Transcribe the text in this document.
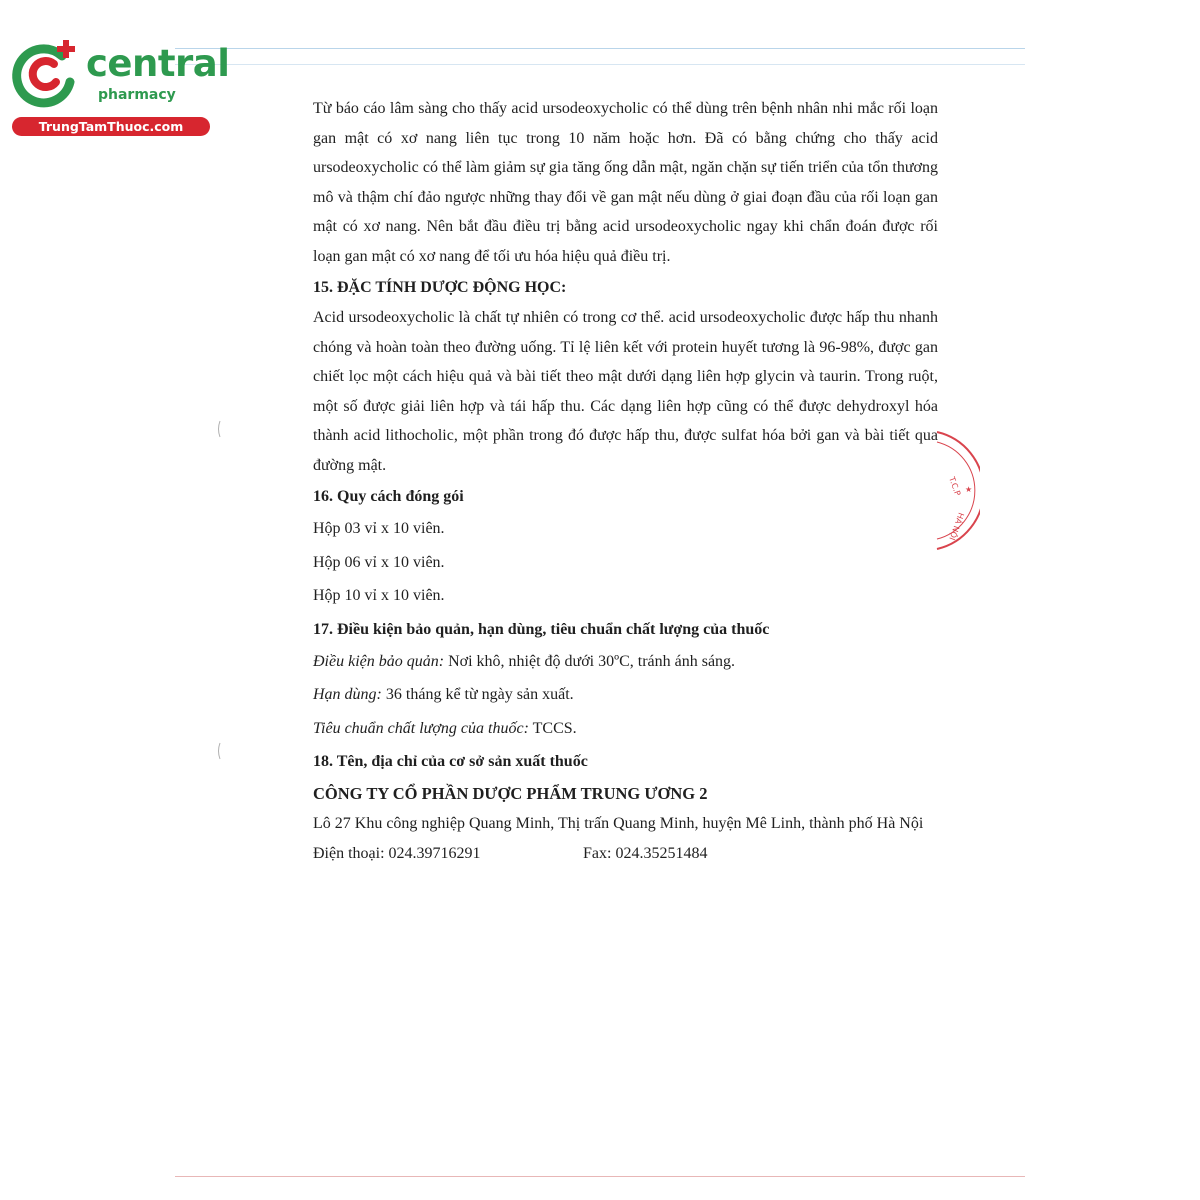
central
pharmacy
TrungTamThuoc.com

Từ báo cáo lâm sàng cho thấy acid ursodeoxycholic có thể dùng trên bệnh nhân nhi mắc rối loạn gan mật có xơ nang liên tục trong 10 năm hoặc hơn. Đã có bằng chứng cho thấy acid ursodeoxycholic có thể làm giảm sự gia tăng ống dẫn mật, ngăn chặn sự tiến triển của tổn thương mô và thậm chí đảo ngược những thay đổi về gan mật nếu dùng ở giai đoạn đầu của rối loạn gan mật có xơ nang. Nên bắt đầu điều trị bằng acid ursodeoxycholic ngay khi chẩn đoán được rối loạn gan mật có xơ nang để tối ưu hóa hiệu quả điều trị.

15. ĐẶC TÍNH DƯỢC ĐỘNG HỌC:

Acid ursodeoxycholic là chất tự nhiên có trong cơ thể. acid ursodeoxycholic được hấp thu nhanh chóng và hoàn toàn theo đường uống. Tỉ lệ liên kết với protein huyết tương là 96-98%, được gan chiết lọc một cách hiệu quả và bài tiết theo mật dưới dạng liên hợp glycin và taurin. Trong ruột, một số được giải liên hợp và tái hấp thu. Các dạng liên hợp cũng có thể được dehydroxyl hóa thành acid lithocholic, một phần trong đó được hấp thu, được sulfat hóa bởi gan và bài tiết qua đường mật.

16. Quy cách đóng gói

Hộp 03 vỉ x 10 viên.

Hộp 06 vỉ x 10 viên.

Hộp 10 vỉ x 10 viên.

17. Điều kiện bảo quản, hạn dùng, tiêu chuẩn chất lượng của thuốc

Điều kiện bảo quản: Nơi khô, nhiệt độ dưới 30ºC, tránh ánh sáng.

Hạn dùng: 36 tháng kể từ ngày sản xuất.

Tiêu chuẩn chất lượng của thuốc: TCCS.

18. Tên, địa chỉ của cơ sở sản xuất thuốc

CÔNG TY CỔ PHẦN DƯỢC PHẨM TRUNG ƯƠNG 2

Lô 27 Khu công nghiệp Quang Minh, Thị trấn Quang Minh, huyện Mê Linh, thành phố Hà Nội

Điện thoại: 024.39716291	Fax: 024.35251484

T.C.P ★
HÀ NỘI
